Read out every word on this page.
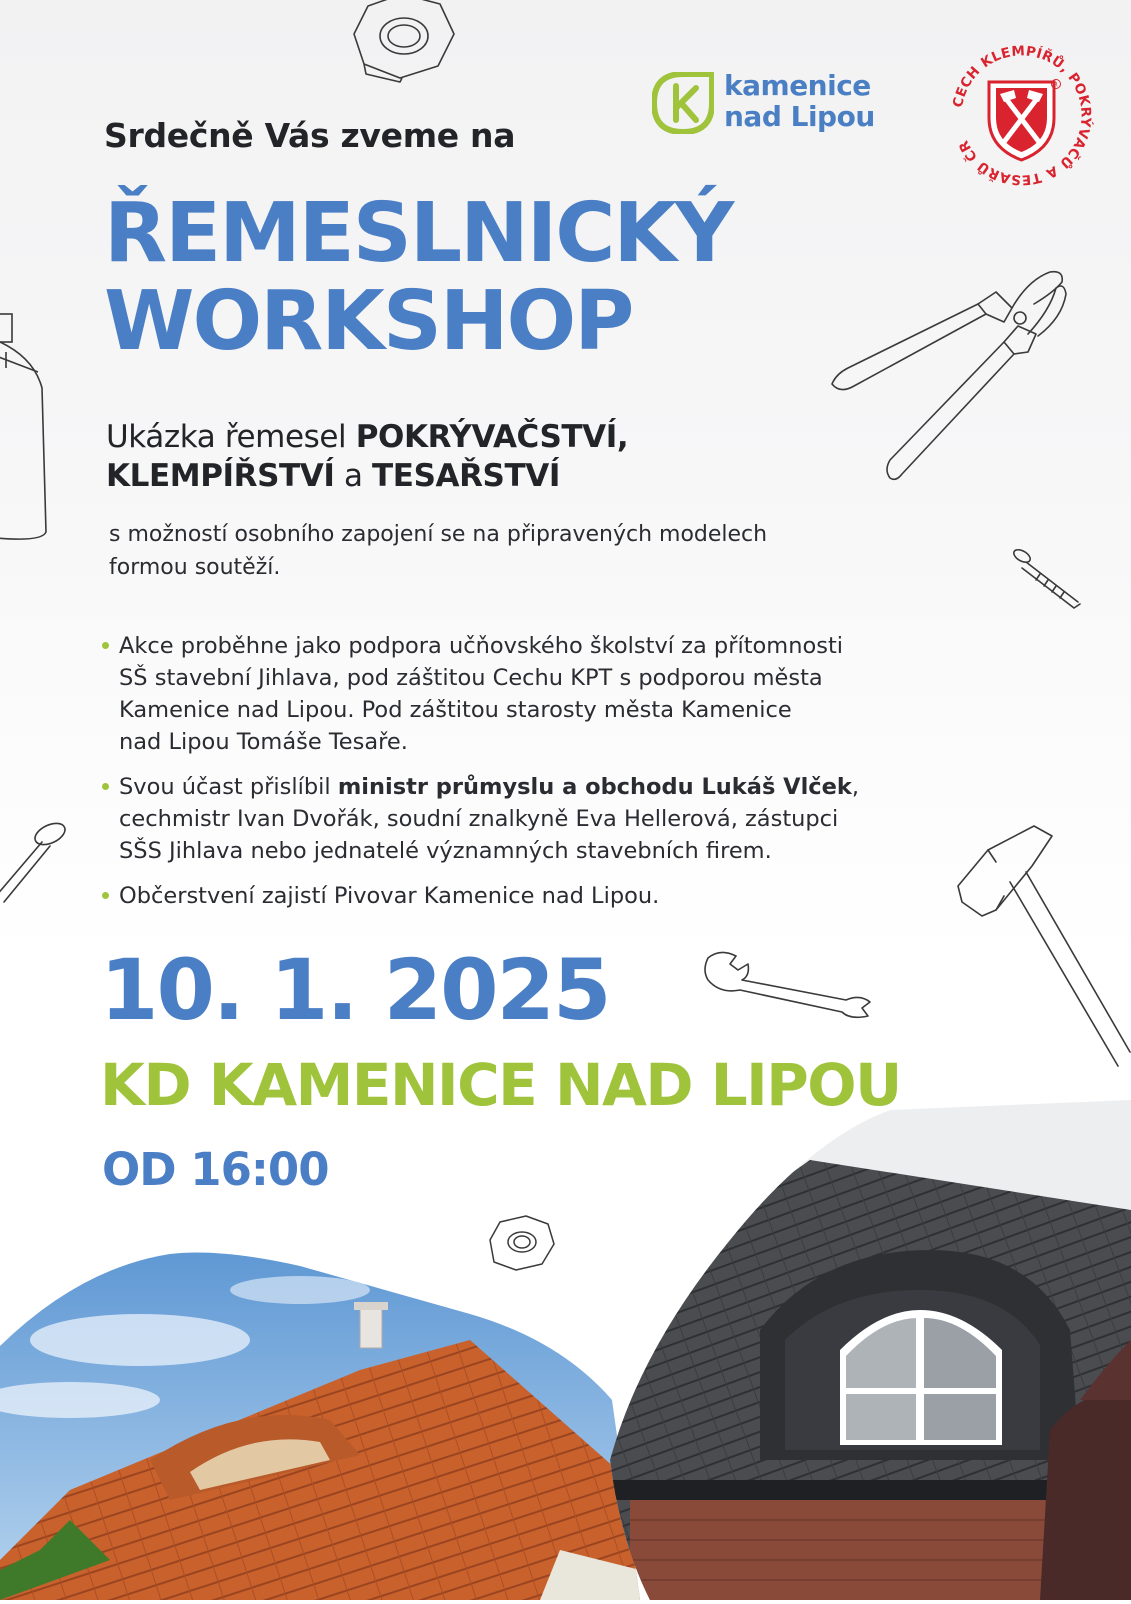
kamenice
nad Lipou	CECH KLEMPÍŘŮ, POKRÝVAČŮ A TESAŘŮ ČR
R
Srdečně Vás zveme na
ŘEMESLNICKÝ
WORKSHOP
Ukázka řemesel POKRÝVAČSTVÍ,
KLEMPÍŘSTVÍ a TESAŘSTVÍ
s možností osobního zapojení se na připravených modelech
formou soutěží.
Akce proběhne jako podpora učňovského školství za přítomnosti
SŠ stavební Jihlava, pod záštitou Cechu KPT s podporou města
Kamenice nad Lipou. Pod záštitou starosty města Kamenice
nad Lipou Tomáše Tesaře.
Svou účast přislíbil ministr průmyslu a obchodu Lukáš Vlček,
cechmistr Ivan Dvořák, soudní znalkyně Eva Hellerová, zástupci
SŠS Jihlava nebo jednatelé významných stavebních firem.
Občerstvení zajistí Pivovar Kamenice nad Lipou.
10. 1. 2025
KD KAMENICE NAD LIPOU
OD 16:00
